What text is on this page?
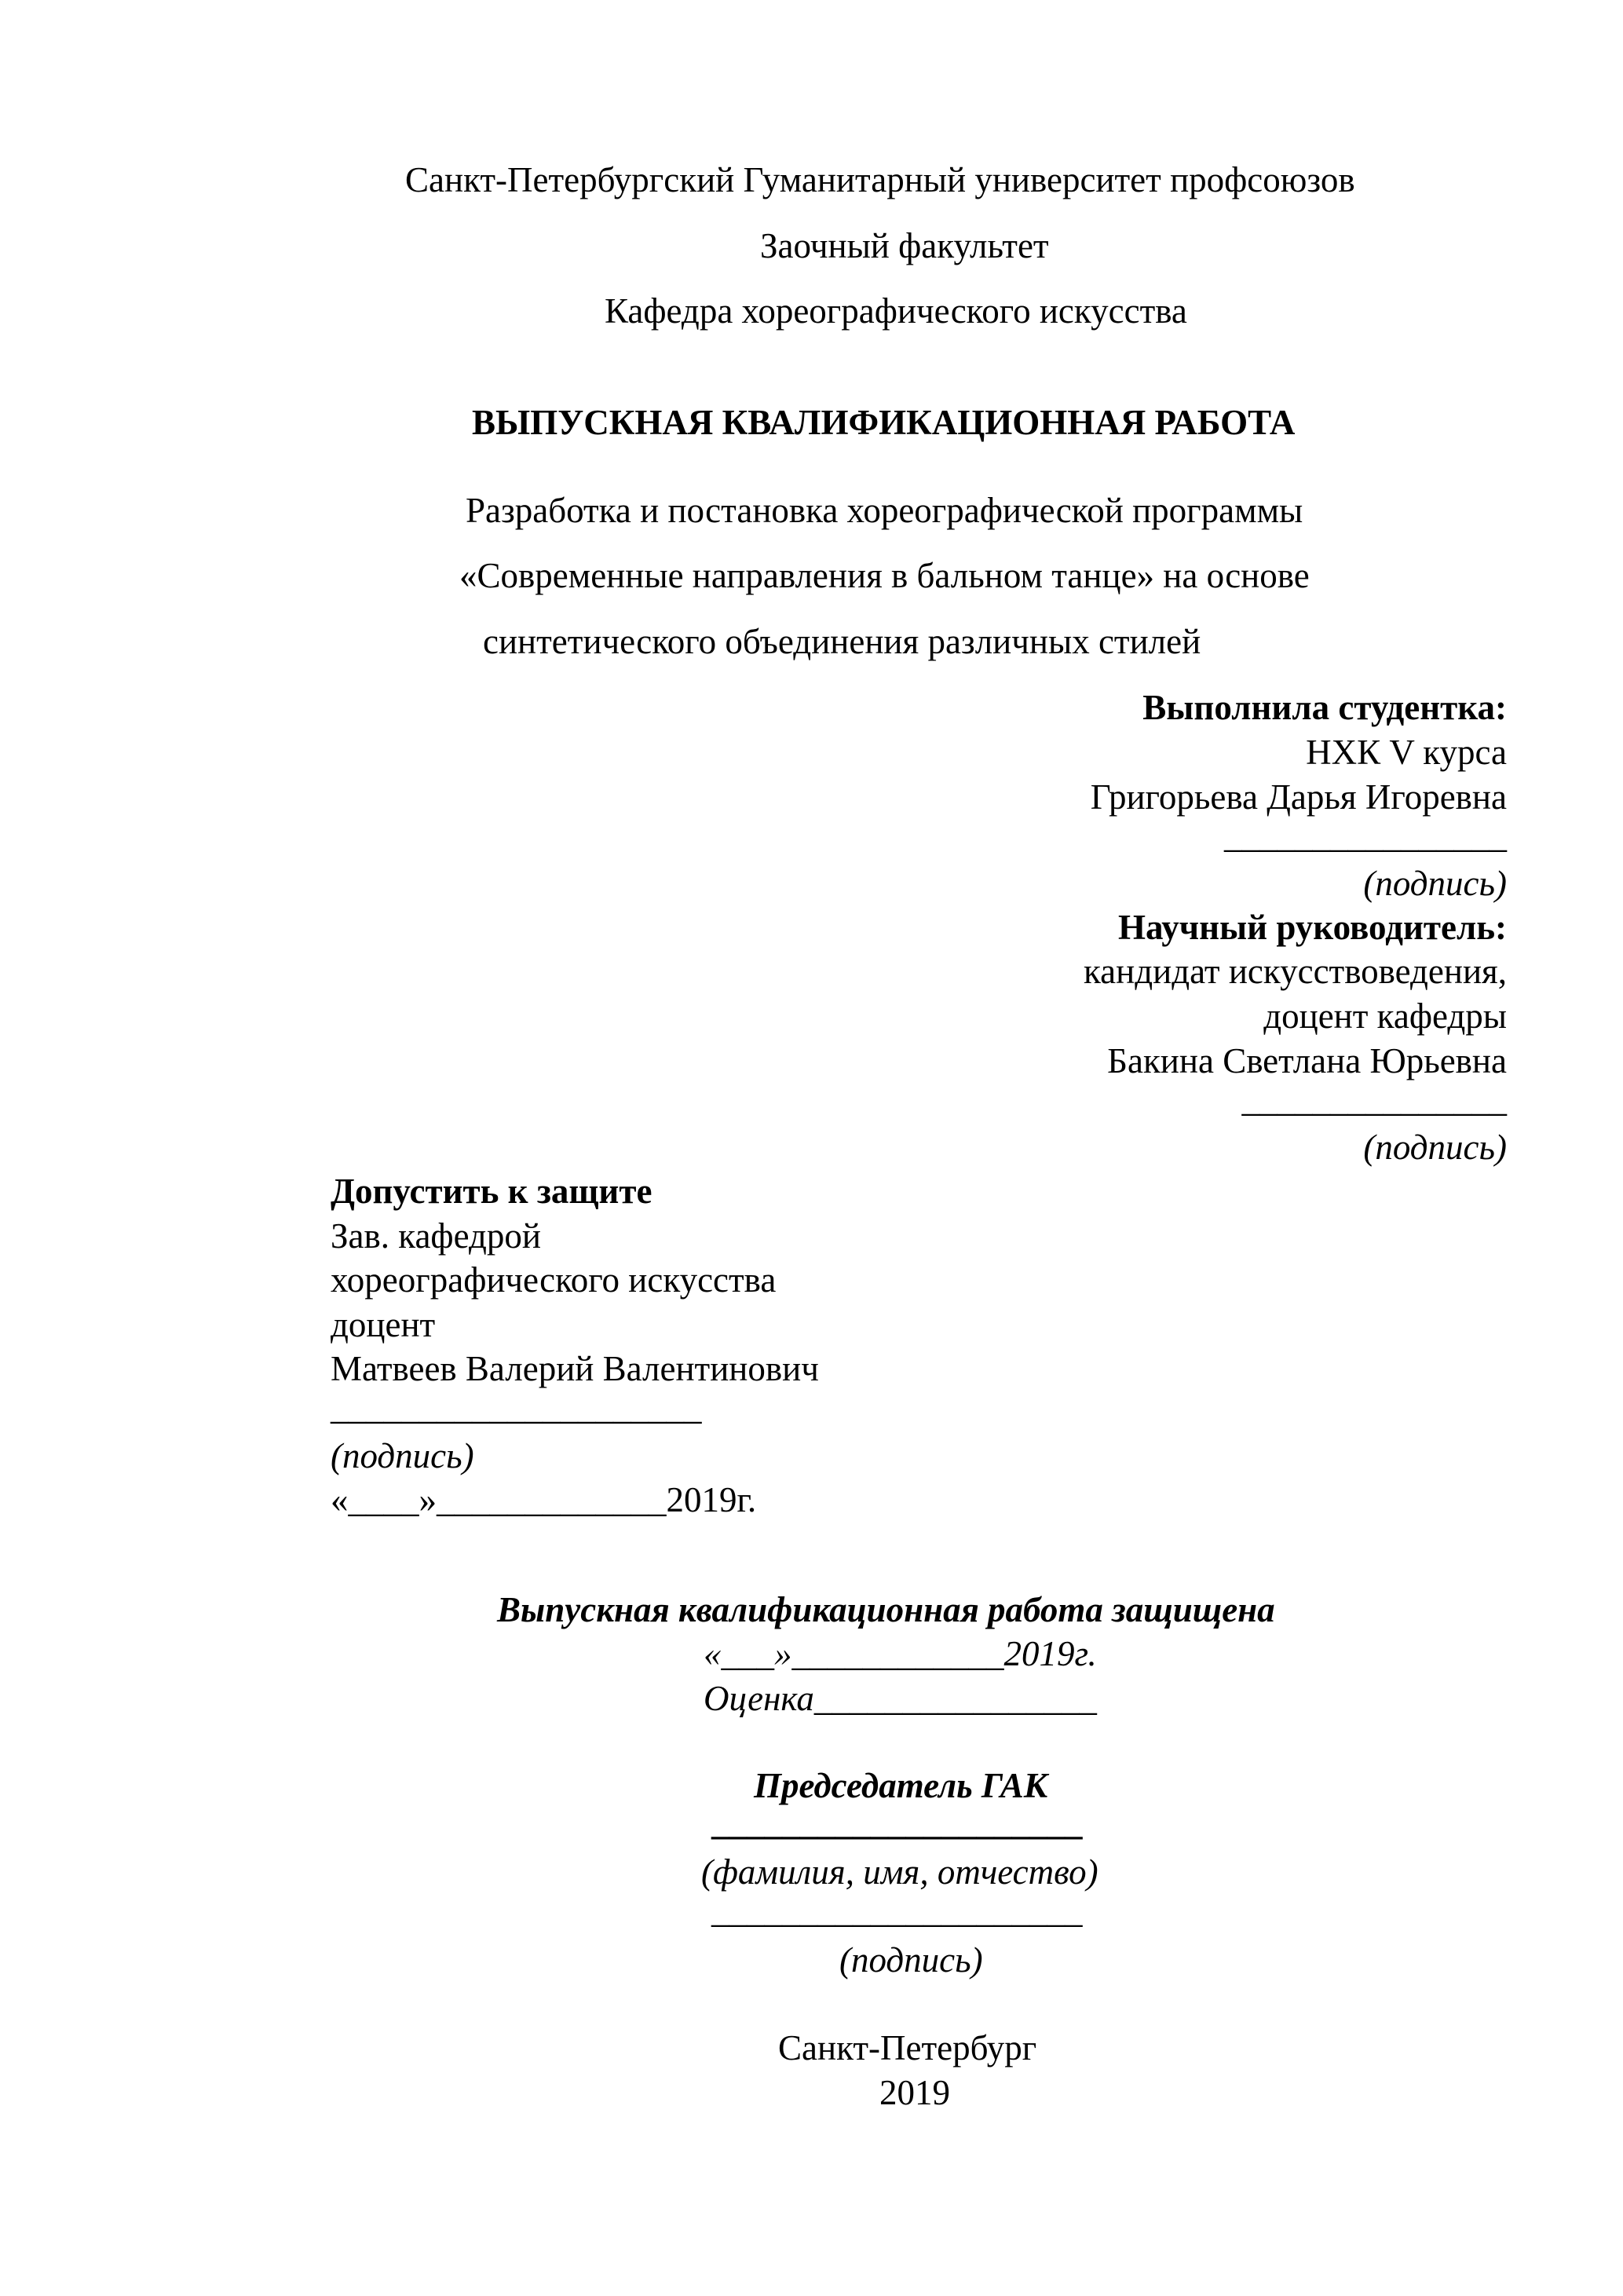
Санкт-Петербургский Гуманитарный университет профсоюзов
Заочный факультет
Кафедра хореографического искусства
ВЫПУСКНАЯ КВАЛИФИКАЦИОННАЯ РАБОТА
Разработка и постановка хореографической программы
«Современные направления в бальном танце» на основе
синтетического объединения различных стилей
Выполнила студентка:
НХК V курса
Григорьева Дарья Игоревна
________________
(подпись)
Научный руководитель:
кандидат искусствоведения,
доцент кафедры
Бакина Светлана Юрьевна
_______________
(подпись)
Допустить к защите
Зав. кафедрой
хореографического искусства
доцент
Матвеев Валерий Валентинович
_____________________
(подпись)
«____»_____________2019г.
Выпускная квалификационная работа защищена
«___»____________2019г.
Оценка________________
Председатель ГАК
_____________________
(фамилия, имя, отчество)
_____________________
(подпись)
Санкт-Петербург
2019
